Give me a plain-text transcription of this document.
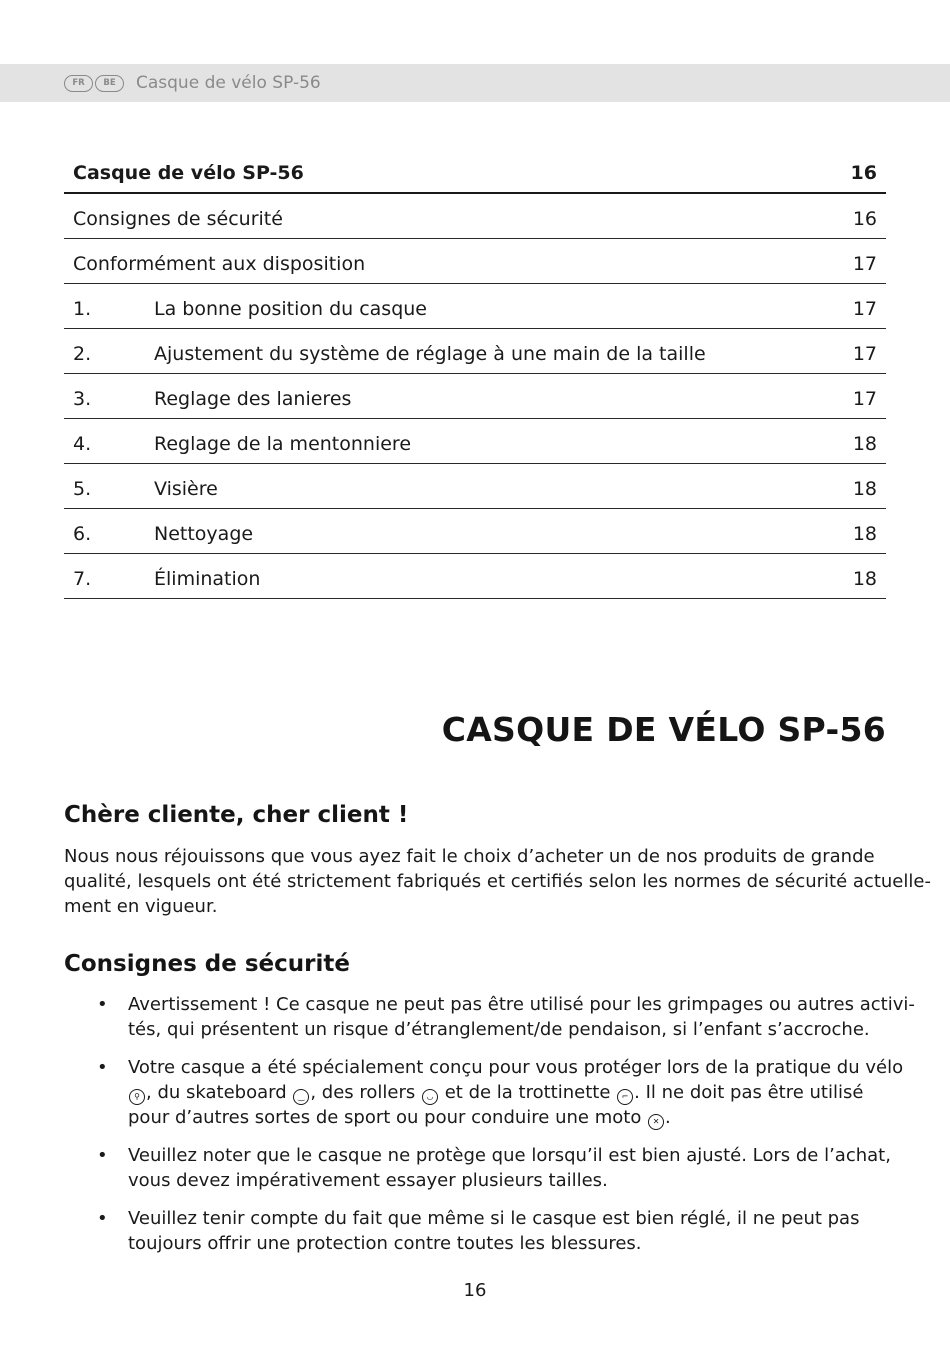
FR	BE	Casque de vélo SP-56
Casque de vélo SP-56	16
Consignes de sécurité	16
Conformément aux disposition	17
1.	La bonne position du casque	17
2.	Ajustement du système de réglage à une main de la taille	17
3.	Reglage des lanieres	17
4.	Reglage de la mentonniere	18
5.	Visière	18
6.	Nettoyage	18
7.	Élimination	18
CASQUE DE VÉLO SP-56
Chère cliente, cher client !
Nous nous réjouissons que vous ayez fait le choix d’acheter un de nos produits de grande
qualité, lesquels ont été strictement fabriqués et certifiés selon les normes de sécurité actuelle-
ment en vigueur.
Consignes de sécurité
• Avertissement ! Ce casque ne peut pas être utilisé pour les grimpages ou autres activi-
tés, qui présentent un risque d’étranglement/de pendaison, si l’enfant s’accroche.
• Votre casque a été spécialement conçu pour vous protéger lors de la pratique du vélo
⚲ , du skateboard ‿ , des rollers ◡ et de la trottinette ⌐ . Il ne doit pas être utilisé
pour d’autres sortes de sport ou pour conduire une moto ✕ .
• Veuillez noter que le casque ne protège que lorsqu’il est bien ajusté. Lors de l’achat,
vous devez impérativement essayer plusieurs tailles.
• Veuillez tenir compte du fait que même si le casque est bien réglé, il ne peut pas
toujours offrir une protection contre toutes les blessures.
16
